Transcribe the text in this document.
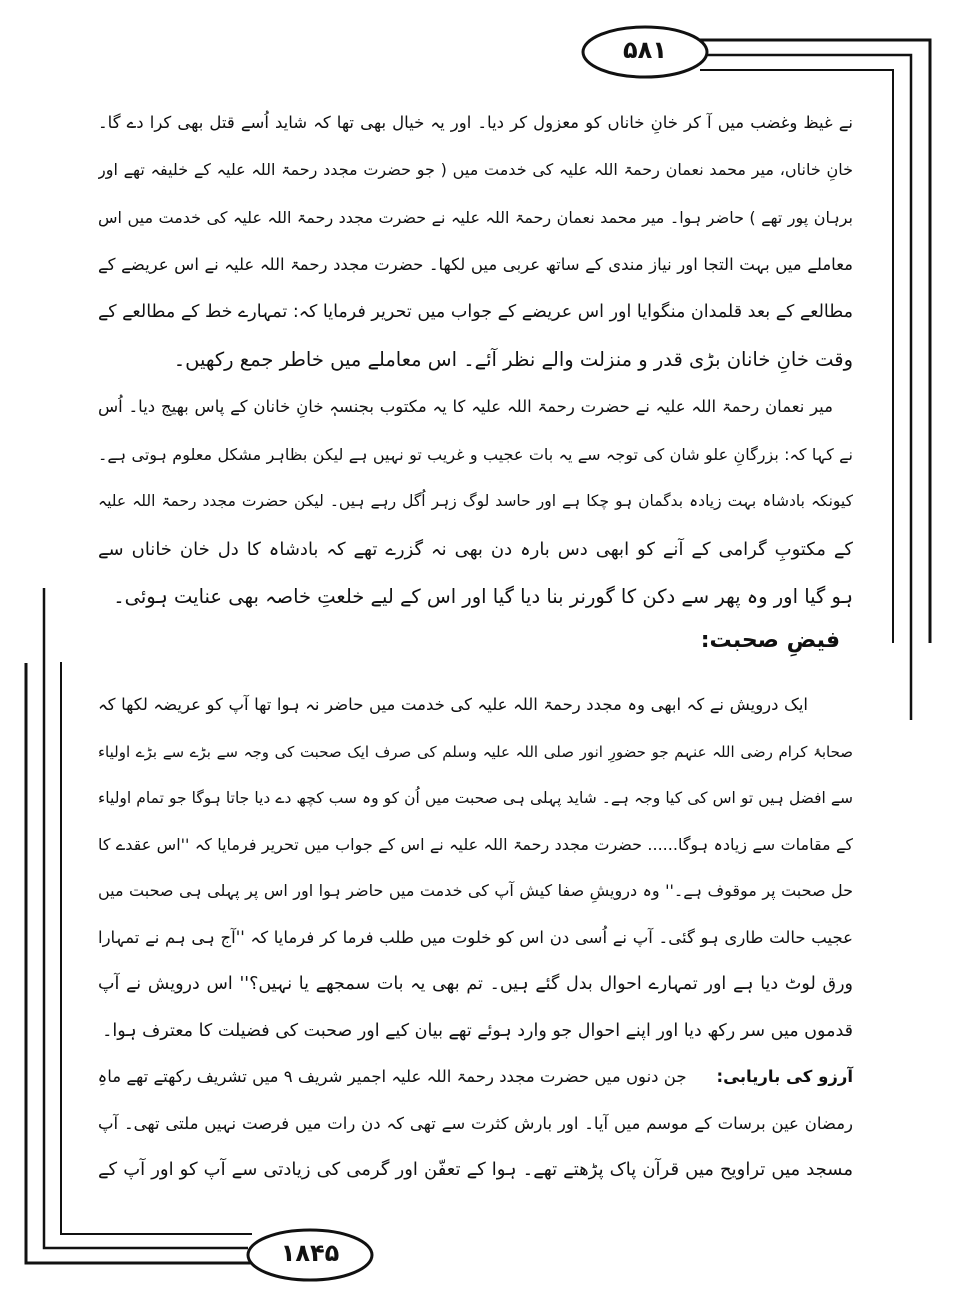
۵۸۱
۱۸۴۵
نے غیظ وغضب میں آ کر خانِ خاناں کو معزول کر دیا۔ اور یہ خیال بھی تھا کہ شاید اُسے قتل بھی کرا دے گا۔
خانِ خاناں، میر محمد نعمان رحمۃ اللہ علیہ کی خدمت میں ( جو حضرت مجدد رحمۃ اللہ علیہ کے خلیفہ تھے اور
برہان پور تھے ) حاضر ہوا۔ میر محمد نعمان رحمۃ اللہ علیہ نے حضرت مجدد رحمۃ اللہ علیہ کی خدمت میں اس
معاملے میں بہت التجا اور نیاز مندی کے ساتھ عربی میں لکھا۔ حضرت مجدد رحمۃ اللہ علیہ نے اس عریضے کے
مطالعے کے بعد قلمدان منگوایا اور اس عریضے کے جواب میں تحریر فرمایا کہ: تمہارے خط کے مطالعے کے
وقت خانِ خانان بڑی قدر و منزلت والے نظر آئے۔ اس معاملے میں خاطر جمع رکھیں۔
میر نعمان رحمۃ اللہ علیہ نے حضرت رحمۃ اللہ علیہ کا یہ مکتوب بجنسہٖ خانِ خانان کے پاس بھیج دیا۔ اُس
نے کہا کہ: بزرگانِ علو شان کی توجہ سے یہ بات عجیب و غریب تو نہیں ہے لیکن بظاہر مشکل معلوم ہوتی ہے۔
کیونکہ بادشاہ بہت زیادہ بدگمان ہو چکا ہے اور حاسد لوگ زہر اُگل رہے ہیں۔ لیکن حضرت مجدد رحمۃ اللہ علیہ
کے مکتوبِ گرامی کے آنے کو ابھی دس بارہ دن بھی نہ گزرے تھے کہ بادشاہ کا دل خان خاناں سے
ہو گیا اور وہ پھر سے دکن کا گورنر بنا دیا گیا اور اس کے لیے خلعتِ خاصہ بھی عنایت ہوئی۔
فیضِ صحبت:
ایک درویش نے کہ ابھی وہ مجدد رحمۃ اللہ علیہ کی خدمت میں حاضر نہ ہوا تھا آپ کو عریضہ لکھا کہ
صحابۂ کرام رضی اللہ عنہم جو حضورِ انور صلی اللہ علیہ وسلم کی صرف ایک صحبت کی وجہ سے بڑے سے بڑے اولیاء
سے افضل ہیں تو اس کی کیا وجہ ہے۔ شاید پہلی ہی صحبت میں اُن کو وہ سب کچھ دے دیا جاتا ہوگا جو تمام اولیاء
کے مقامات سے زیادہ ہوگا...... حضرت مجدد رحمۃ اللہ علیہ نے اس کے جواب میں تحریر فرمایا کہ ''اس عقدے کا
حل صحبت پر موقوف ہے۔'' وہ درویشِ صفا کیش آپ کی خدمت میں حاضر ہوا اور اس پر پہلی ہی صحبت میں
عجیب حالت طاری ہو گئی۔ آپ نے اُسی دن اس کو خلوت میں طلب فرما کر فرمایا کہ ''آج ہی ہم نے تمہارا
ورق لوٹ دیا ہے اور تمہارے احوال بدل گئے ہیں۔ تم بھی یہ بات سمجھے یا نہیں؟'' اس درویش نے آپ
قدموں میں سر رکھ دیا اور اپنے احوال جو وارد ہوئے تھے بیان کیے اور صحبت کی فضیلت کا معترف ہوا۔
آرزو کی باریابی:جن دنوں میں حضرت مجدد رحمۃ اللہ علیہ اجمیر شریف ۹ میں تشریف رکھتے تھے ماہِ
رمضان عین برسات کے موسم میں آیا۔ اور بارش کثرت سے تھی کہ دن رات میں فرصت نہیں ملتی تھی۔ آپ
مسجد میں تراویح میں قرآن پاک پڑھتے تھے۔ ہوا کے تعفّن اور گرمی کی زیادتی سے آپ کو اور آپ کے
